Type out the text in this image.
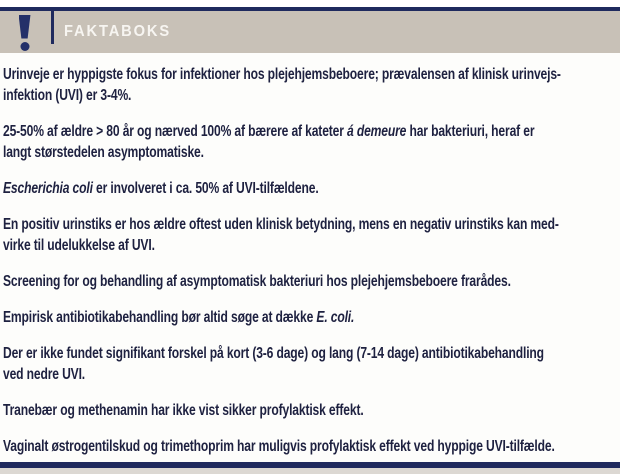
FAKTABOKS

Urinveje er hyppigste fokus for infektioner hos plejehjemsbeboere; prævalensen af klinisk urinvejs-
infektion (UVI) er 3-4%.

25-50% af ældre > 80 år og nærved 100% af bærere af kateter á demeure har bakteriuri, heraf er
langt størstedelen asymptomatiske.

Escherichia coli er involveret i ca. 50% af UVI-tilfældene.

En positiv urinstiks er hos ældre oftest uden klinisk betydning, mens en negativ urinstiks kan med-
virke til udelukkelse af UVI.

Screening for og behandling af asymptomatisk bakteriuri hos plejehjemsbeboere frarådes.

Empirisk antibiotikabehandling bør altid søge at dække E. coli.

Der er ikke fundet signifikant forskel på kort (3-6 dage) og lang (7-14 dage) antibiotikabehandling
ved nedre UVI.

Tranebær og methenamin har ikke vist sikker profylaktisk effekt.

Vaginalt østrogentilskud og trimethoprim har muligvis profylaktisk effekt ved hyppige UVI-tilfælde.
